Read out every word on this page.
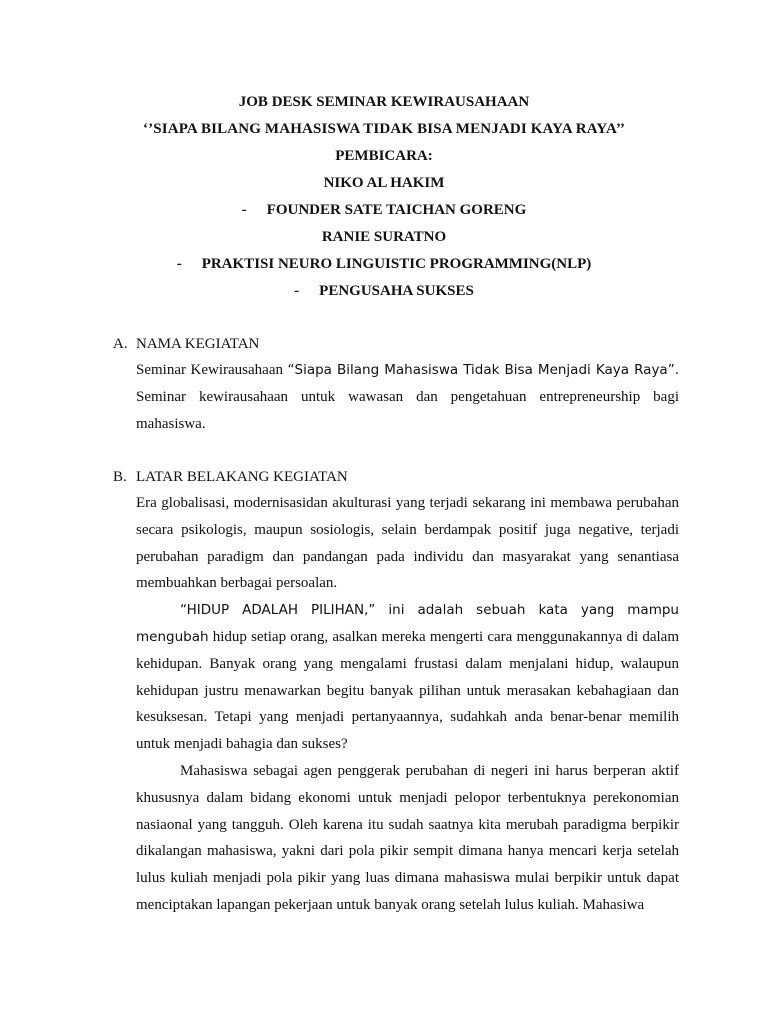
JOB DESK SEMINAR KEWIRAUSAHAAN
‘’SIAPA BILANG MAHASISWA TIDAK BISA MENJADI KAYA RAYA’’
PEMBICARA:
NIKO AL HAKIM
- FOUNDER SATE TAICHAN GORENG
RANIE SURATNO
- PRAKTISI NEURO LINGUISTIC PROGRAMMING(NLP)
- PENGUSAHA SUKSES
A. NAMA KEGIATAN

Seminar Kewirausahaan “Siapa Bilang Mahasiswa Tidak Bisa Menjadi Kaya Raya”.

Seminar kewirausahaan untuk wawasan dan pengetahuan entrepreneurship bagi mahasiswa.

B. LATAR BELAKANG KEGIATAN

Era globalisasi, modernisasidan akulturasi yang terjadi sekarang ini membawa perubahan secara psikologis, maupun sosiologis, selain berdampak positif juga negative, terjadi perubahan paradigm dan pandangan pada individu dan masyarakat yang senantiasa membuahkan berbagai persoalan.

“HIDUP ADALAH PILIHAN,” ini adalah sebuah kata yang mampu mengubah hidup setiap orang, asalkan mereka mengerti cara menggunakannya di dalam kehidupan. Banyak orang yang mengalami frustasi dalam menjalani hidup, walaupun kehidupan justru menawarkan begitu banyak pilihan untuk merasakan kebahagiaan dan kesuksesan. Tetapi yang menjadi pertanyaannya, sudahkah anda benar-benar memilih untuk menjadi bahagia dan sukses?

Mahasiswa sebagai agen penggerak perubahan di negeri ini harus berperan aktif khususnya dalam bidang ekonomi untuk menjadi pelopor terbentuknya perekonomian nasiaonal yang tangguh. Oleh karena itu sudah saatnya kita merubah paradigma berpikir dikalangan mahasiswa, yakni dari pola pikir sempit dimana hanya mencari kerja setelah lulus kuliah menjadi pola pikir yang luas dimana mahasiswa mulai berpikir untuk dapat menciptakan lapangan pekerjaan untuk banyak orang setelah lulus kuliah. Mahasiwa
